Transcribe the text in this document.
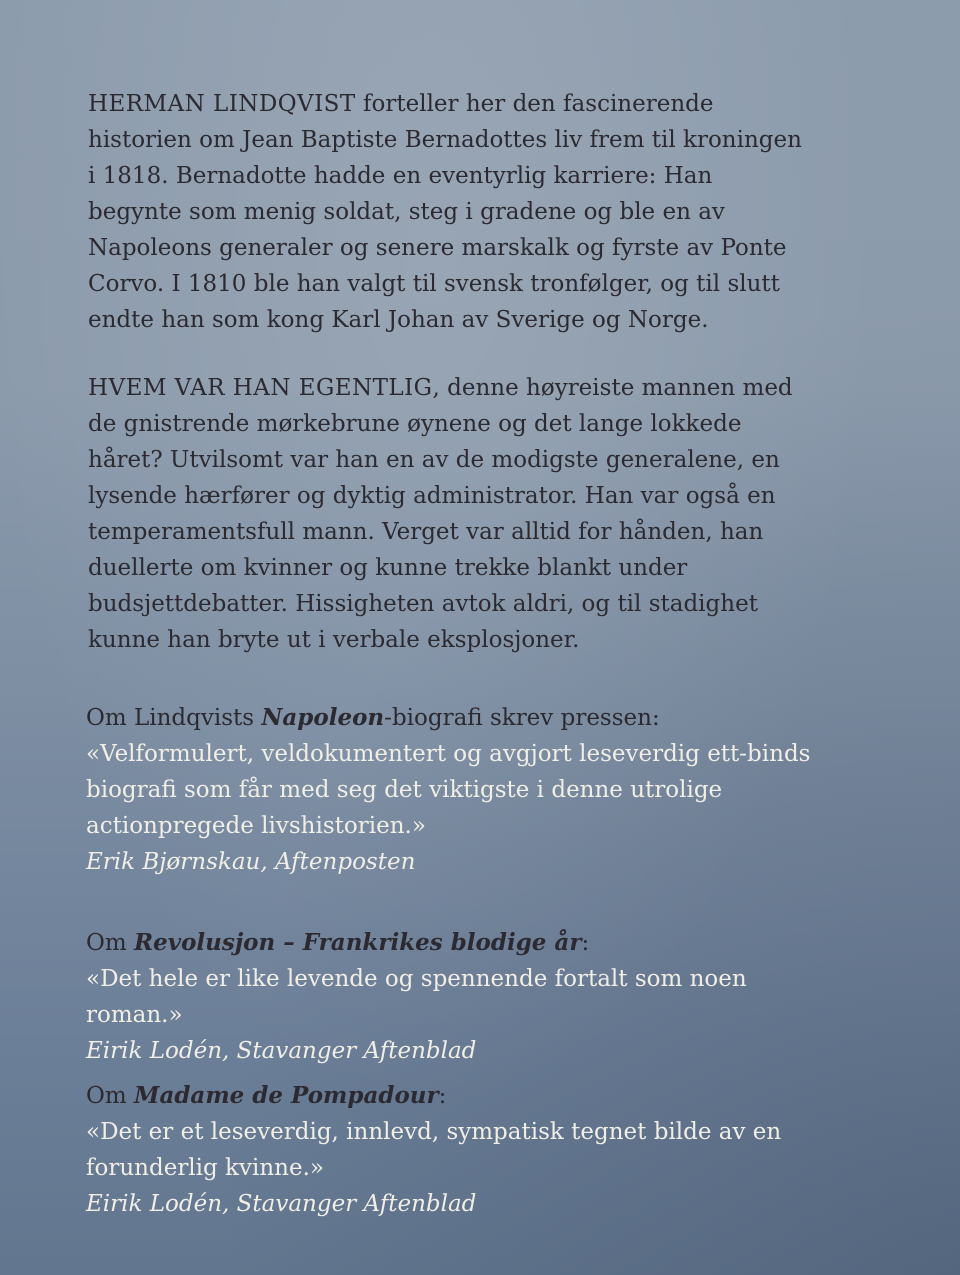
HERMAN LINDQVIST forteller her den fascinerende historien om Jean Baptiste Bernadottes liv frem til kroningen i 1818. Bernadotte hadde en eventyrlig karriere: Han begynte som menig soldat, steg i gradene og ble en av Napoleons generaler og senere marskalk og fyrste av Ponte Corvo. I 1810 ble han valgt til svensk tronfølger, og til slutt endte han som kong Karl Johan av Sverige og Norge.

HVEM VAR HAN EGENTLIG, denne høyreiste mannen med de gnistrende mørkebrune øynene og det lange lokkede håret? Utvilsomt var han en av de modigste generalene, en lysende hærfører og dyktig administrator. Han var også en temperamentsfull mann. Verget var alltid for hånden, han duellerte om kvinner og kunne trekke blankt under budsjettdebatter. Hissigheten avtok aldri, og til stadighet kunne han bryte ut i verbale eksplosjoner.

Om Lindqvists Napoleon-biografi skrev pressen:
«Velformulert, veldokumentert og avgjort leseverdig ett-binds biografi som får med seg det viktigste i denne utrolige actionpregede livshistorien.»
Erik Bjørnskau, Aftenposten
Om Revolusjon – Frankrikes blodige år:
«Det hele er like levende og spennende fortalt som noen roman.»
Eirik Lodén, Stavanger Aftenblad
Om Madame de Pompadour:
«Det er et leseverdig, innlevd, sympatisk tegnet bilde av en forunderlig kvinne.»
Eirik Lodén, Stavanger Aftenblad
